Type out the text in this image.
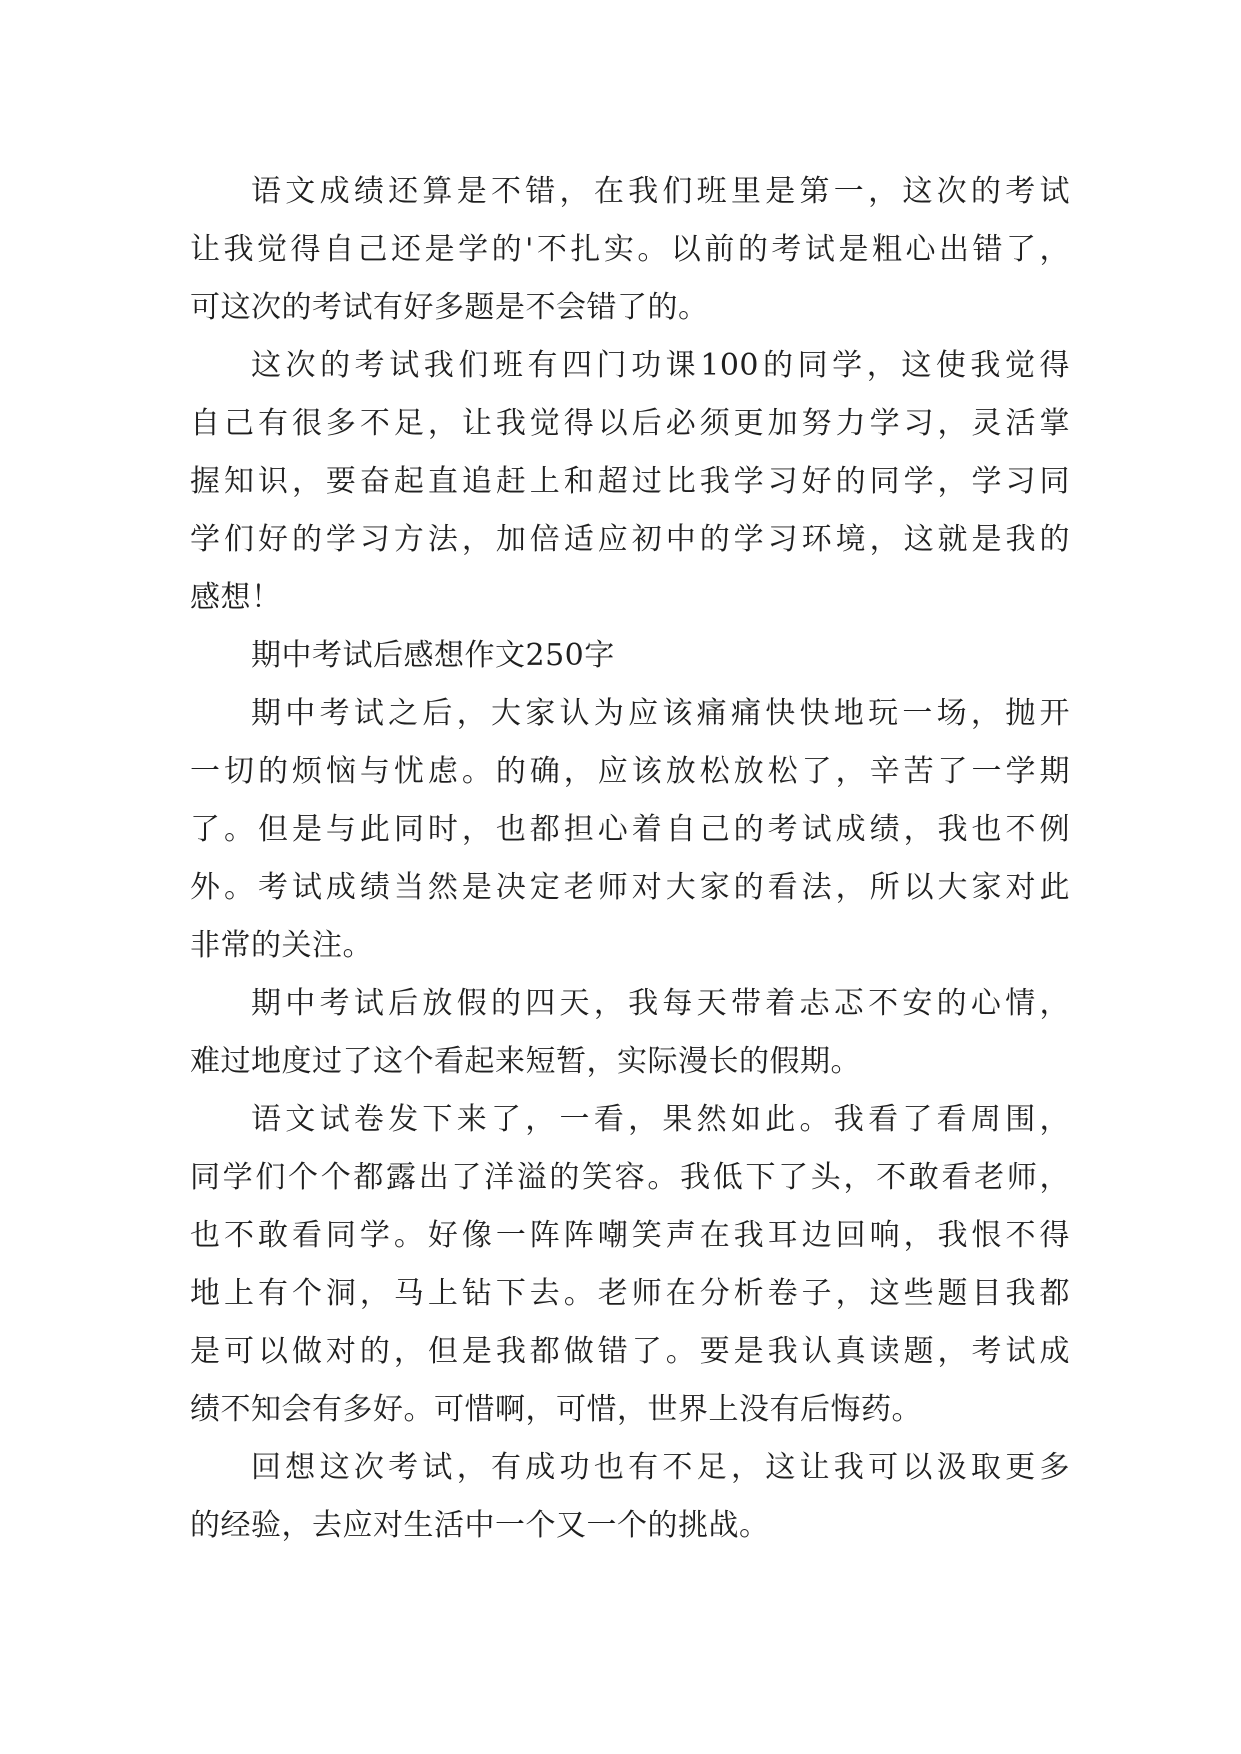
语文成绩还算是不错，在我们班里是第一，这次的考试
让我觉得自己还是学的'不扎实。以前的考试是粗心出错了，
可这次的考试有好多题是不会错了的。
这次的考试我们班有四门功课100的同学，这使我觉得
自己有很多不足，让我觉得以后必须更加努力学习，灵活掌
握知识，要奋起直追赶上和超过比我学习好的同学，学习同
学们好的学习方法，加倍适应初中的学习环境，这就是我的
感想！
期中考试后感想作文250字
期中考试之后，大家认为应该痛痛快快地玩一场，抛开
一切的烦恼与忧虑。的确，应该放松放松了，辛苦了一学期
了。但是与此同时，也都担心着自己的考试成绩，我也不例
外。考试成绩当然是决定老师对大家的看法，所以大家对此
非常的关注。
期中考试后放假的四天，我每天带着忐忑不安的心情，
难过地度过了这个看起来短暂，实际漫长的假期。
语文试卷发下来了，一看，果然如此。我看了看周围，
同学们个个都露出了洋溢的笑容。我低下了头，不敢看老师，
也不敢看同学。好像一阵阵嘲笑声在我耳边回响，我恨不得
地上有个洞，马上钻下去。老师在分析卷子，这些题目我都
是可以做对的，但是我都做错了。要是我认真读题，考试成
绩不知会有多好。可惜啊，可惜，世界上没有后悔药。
回想这次考试，有成功也有不足，这让我可以汲取更多
的经验，去应对生活中一个又一个的挑战。
